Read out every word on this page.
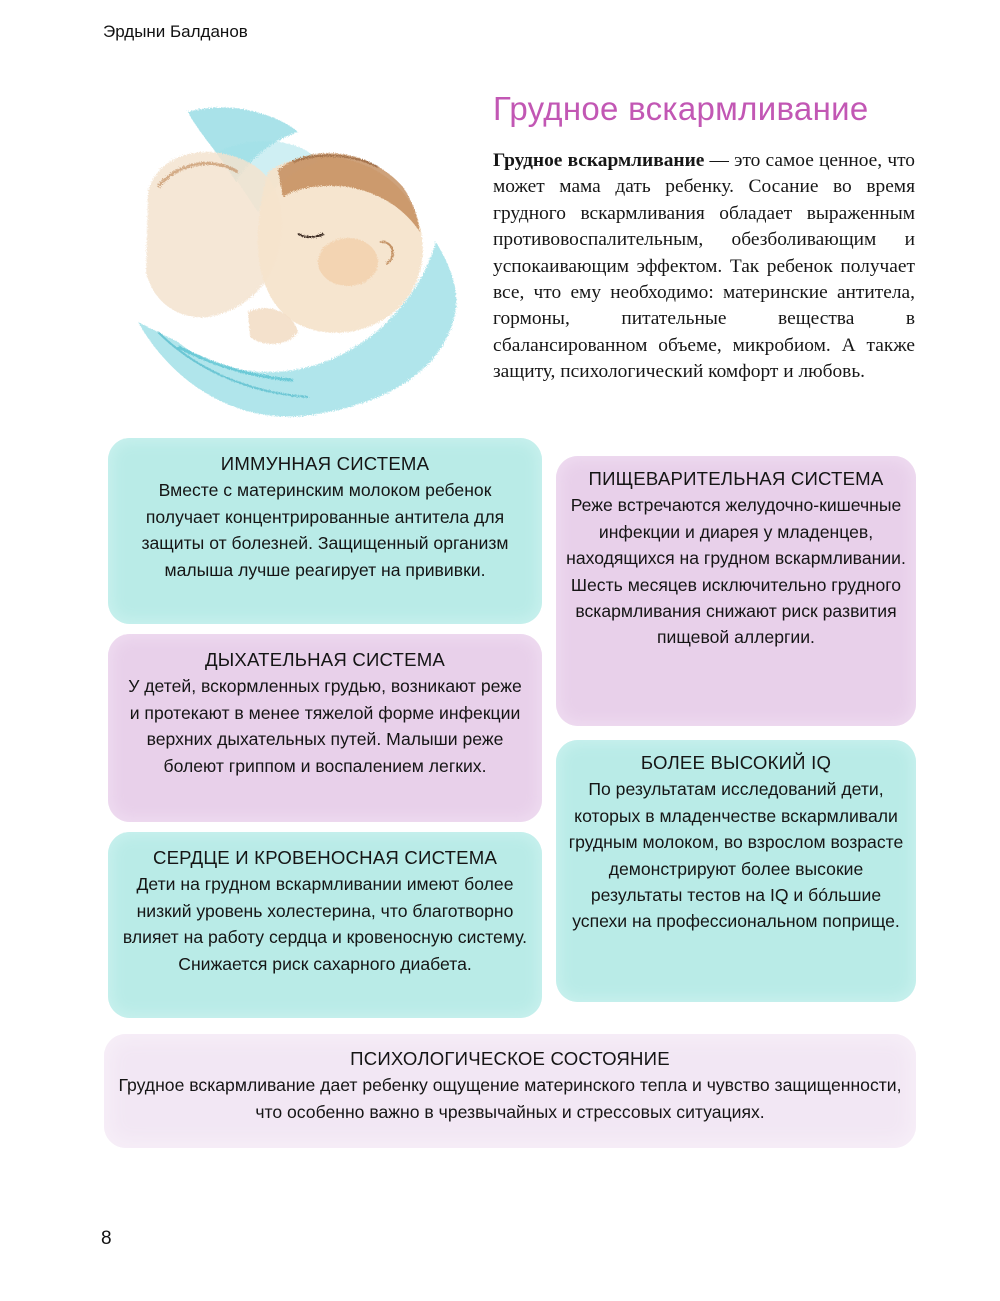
Эрдыни Балданов
Грудное вскармливание

Грудное вскармливание — это самое ценное, что может мама дать ребенку. Сосание во время грудного вскармливания обладает выраженным противовоспалительным, обезболивающим и успокаивающим эффектом. Так ребенок получает все, что ему необходимо: материнские антитела, гормоны, питательные вещества в сбалансированном объеме, микробиом. А также защиту, психологический комфорт и любовь.

ИММУННАЯ СИСТЕМА
Вместе с материнским молоком ребенок получает концентрированные антитела для защиты от болезней. Защищенный организм малыша лучше реагирует на прививки.
ДЫХАТЕЛЬНАЯ СИСТЕМА
У детей, вскормленных грудью, возникают реже и протекают в менее тяжелой форме инфекции верхних дыхательных путей. Малыши реже болеют гриппом и воспалением легких.
СЕРДЦЕ И КРОВЕНОСНАЯ СИСТЕМА
Дети на грудном вскармливании имеют более низкий уровень холестерина, что благотворно влияет на работу сердца и кровеносную систему. Снижается риск сахарного диабета.
ПИЩЕВАРИТЕЛЬНАЯ СИСТЕМА
Реже встречаются желудочно-кишечные инфекции и диарея у младенцев, находящихся на грудном вскармливании. Шесть месяцев исключительно грудного вскармливания снижают риск развития пищевой аллергии.
БОЛЕЕ ВЫСОКИЙ IQ
По результатам исследований дети, которых в младенчестве вскармливали грудным молоком, во взрослом возрасте демонстрируют более высокие результаты тестов на IQ и бóльшие успехи на профессиональном поприще.
ПСИХОЛОГИЧЕСКОЕ СОСТОЯНИЕ
Грудное вскармливание дает ребенку ощущение материнского тепла и чувство защищенности, что особенно важно в чрезвычайных и стрессовых ситуациях.
8
